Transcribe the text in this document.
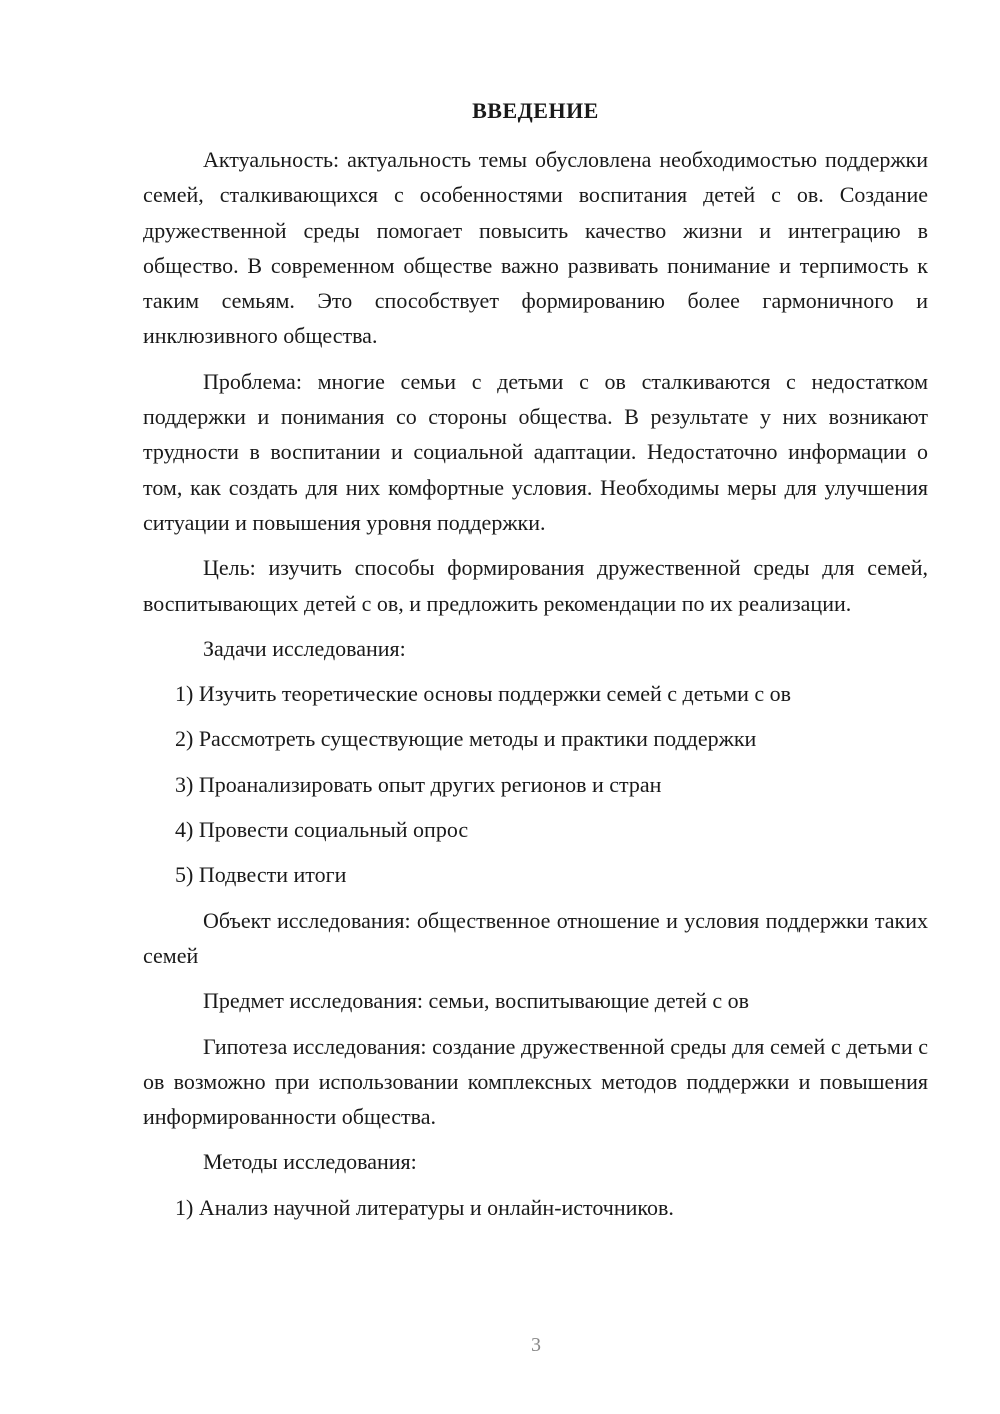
ВВЕДЕНИЕ

Актуальность: актуальность темы обусловлена необходимостью поддержки семей, сталкивающихся с особенностями воспитания детей с ов. Создание дружественной среды помогает повысить качество жизни и интеграцию в общество. В современном обществе важно развивать понимание и терпимость к таким семьям. Это способствует формированию более гармоничного и инклюзивного общества.

Проблема: многие семьи с детьми с ов сталкиваются с недостатком поддержки и понимания со стороны общества. В результате у них возникают трудности в воспитании и социальной адаптации. Недостаточно информации о том, как создать для них комфортные условия. Необходимы меры для улучшения ситуации и повышения уровня поддержки.

Цель: изучить способы формирования дружественной среды для семей, воспитывающих детей с ов, и предложить рекомендации по их реализации.

Задачи исследования:

1) Изучить теоретические основы поддержки семей с детьми с ов
2) Рассмотреть существующие методы и практики поддержки
3) Проанализировать опыт других регионов и стран
4) Провести социальный опрос
5) Подвести итоги

Объект исследования: общественное отношение и условия поддержки таких семей

Предмет исследования: семьи, воспитывающие детей с ов

Гипотеза исследования: создание дружественной среды для семей с детьми с ов возможно при использовании комплексных методов поддержки и повышения информированности общества.

Методы исследования:

1) Анализ научной литературы и онлайн-источников.
3
